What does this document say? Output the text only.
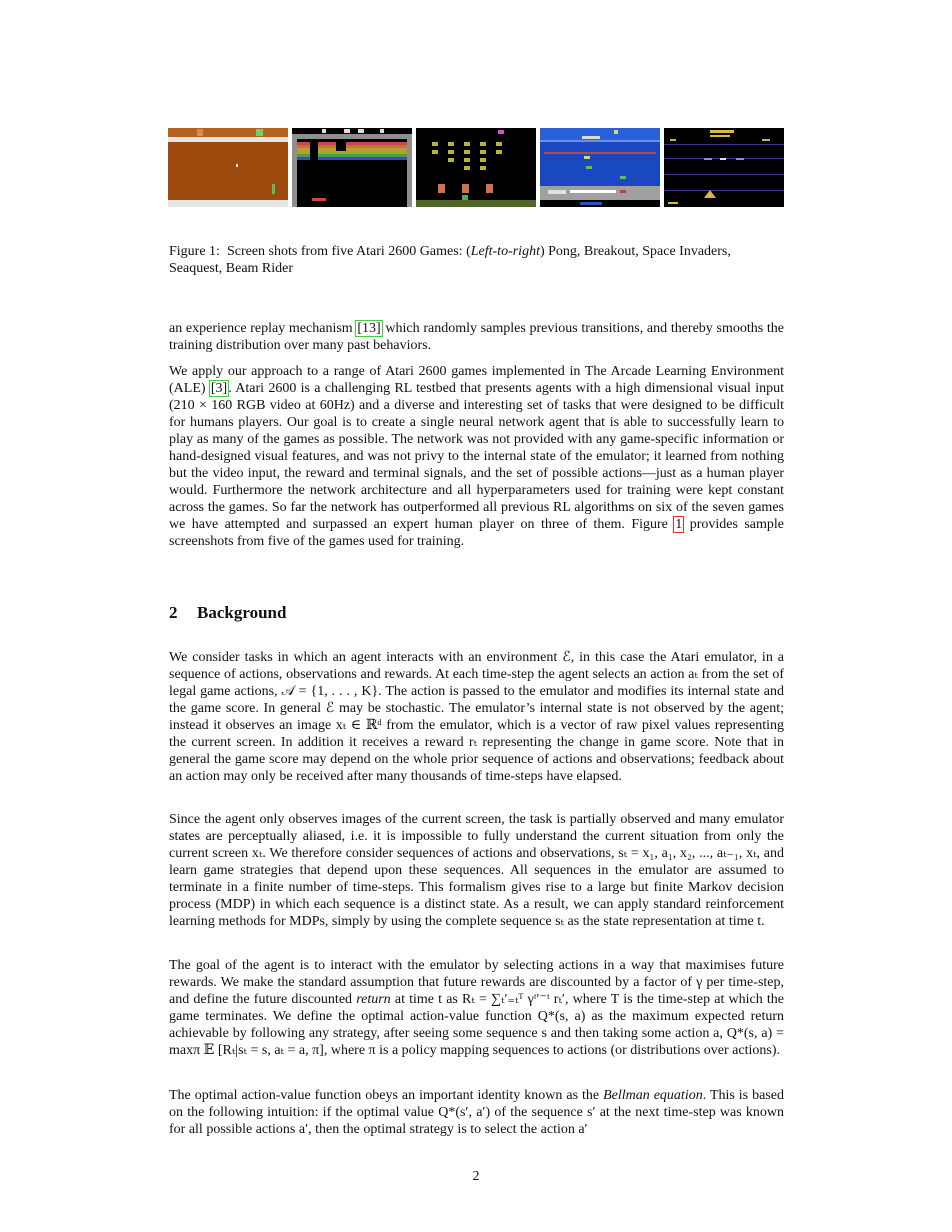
Figure 1: Screen shots from five Atari 2600 Games: (Left-to-right) Pong, Breakout, Space Invaders, Seaquest, Beam Rider

an experience replay mechanism [13] which randomly samples previous transitions, and thereby smooths the training distribution over many past behaviors.

We apply our approach to a range of Atari 2600 games implemented in The Arcade Learning Environment (ALE) [3]. Atari 2600 is a challenging RL testbed that presents agents with a high dimensional visual input (210 × 160 RGB video at 60Hz) and a diverse and interesting set of tasks that were designed to be difficult for humans players. Our goal is to create a single neural network agent that is able to successfully learn to play as many of the games as possible. The network was not provided with any game-specific information or hand-designed visual features, and was not privy to the internal state of the emulator; it learned from nothing but the video input, the reward and terminal signals, and the set of possible actions—just as a human player would. Furthermore the network architecture and all hyperparameters used for training were kept constant across the games. So far the network has outperformed all previous RL algorithms on six of the seven games we have attempted and surpassed an expert human player on three of them. Figure 1 provides sample screenshots from five of the games used for training.

2 Background

We consider tasks in which an agent interacts with an environment ℰ, in this case the Atari emulator, in a sequence of actions, observations and rewards. At each time-step the agent selects an action aₜ from the set of legal game actions, 𝒜 = {1, . . . , K}. The action is passed to the emulator and modifies its internal state and the game score. In general ℰ may be stochastic. The emulator’s internal state is not observed by the agent; instead it observes an image xₜ ∈ ℝᵈ from the emulator, which is a vector of raw pixel values representing the current screen. In addition it receives a reward rₜ representing the change in game score. Note that in general the game score may depend on the whole prior sequence of actions and observations; feedback about an action may only be received after many thousands of time-steps have elapsed.

Since the agent only observes images of the current screen, the task is partially observed and many emulator states are perceptually aliased, i.e. it is impossible to fully understand the current situation from only the current screen xₜ. We therefore consider sequences of actions and observations, sₜ = x₁, a₁, x₂, ..., aₜ₋₁, xₜ, and learn game strategies that depend upon these sequences. All sequences in the emulator are assumed to terminate in a finite number of time-steps. This formalism gives rise to a large but finite Markov decision process (MDP) in which each sequence is a distinct state. As a result, we can apply standard reinforcement learning methods for MDPs, simply by using the complete sequence sₜ as the state representation at time t.

The goal of the agent is to interact with the emulator by selecting actions in a way that maximises future rewards. We make the standard assumption that future rewards are discounted by a factor of γ per time-step, and define the future discounted return at time t as Rₜ = ∑ₜ′₌ₜᵀ γᵗ′⁻ᵗ rₜ′, where T is the time-step at which the game terminates. We define the optimal action-value function Q*(s, a) as the maximum expected return achievable by following any strategy, after seeing some sequence s and then taking some action a, Q*(s, a) = maxπ 𝔼 [Rₜ|sₜ = s, aₜ = a, π], where π is a policy mapping sequences to actions (or distributions over actions).

The optimal action-value function obeys an important identity known as the Bellman equation. This is based on the following intuition: if the optimal value Q*(s′, a′) of the sequence s′ at the next time-step was known for all possible actions a′, then the optimal strategy is to select the action a′

2
